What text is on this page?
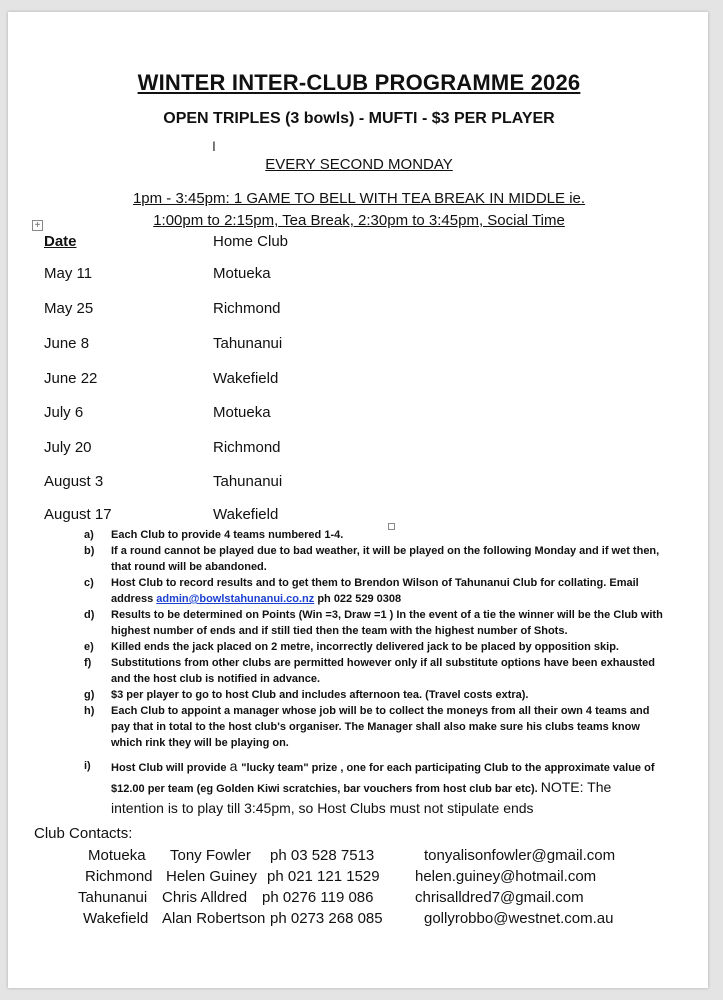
WINTER INTER-CLUB PROGRAMME 2026
OPEN TRIPLES (3 bowls) - MUFTI - $3 PER PLAYER
I
EVERY SECOND MONDAY
1pm - 3:45pm: 1 GAME TO BELL WITH TEA BREAK IN MIDDLE ie.
1:00pm to 2:15pm, Tea Break, 2:30pm to 3:45pm, Social Time
+
Date	Home Club
May 11	Motueka
May 25	Richmond
June 8	Tahunanui
June 22	Wakefield
July 6	Motueka
July 20	Richmond
August 3	Tahunanui
August 17	Wakefield
a) Each Club to provide 4 teams numbered 1-4.
b) If a round cannot be played due to bad weather, it will be played on the following Monday and if wet then, that round will be abandoned.
c) Host Club to record results and to get them to Brendon Wilson of Tahunanui Club for collating. Email address admin@bowlstahunanui.co.nz ph 022 529 0308
d) Results to be determined on Points (Win =3, Draw =1 ) In the event of a tie the winner will be the Club with highest number of ends and if still tied then the team with the highest number of Shots.
e) Killed ends the jack placed on 2 metre, incorrectly delivered jack to be placed by opposition skip.
f) Substitutions from other clubs are permitted however only if all substitute options have been exhausted and the host club is notified in advance.
g) $3 per player to go to host Club and includes afternoon tea. (Travel costs extra).
h) Each Club to appoint a manager whose job will be to collect the moneys from all their own 4 teams and pay that in total to the host club's organiser. The Manager shall also make sure his clubs teams know which rink they will be playing on.
i) Host Club will provide a "lucky team" prize , one for each participating Club to the approximate value of $12.00 per team (eg Golden Kiwi scratchies, bar vouchers from host club bar etc). NOTE: The intention is to play till 3:45pm, so Host Clubs must not stipulate ends
Club Contacts:
Motueka Tony Fowler ph 03 528 7513	tonyalisonfowler@gmail.com
Richmond Helen Guiney ph 021 121 1529 helen.guiney@hotmail.com
Tahunanui Chris Alldred ph 0276 119 086	chrisalldred7@gmail.com
Wakefield Alan Robertson ph 0273 268 085	gollyrobbo@westnet.com.au
